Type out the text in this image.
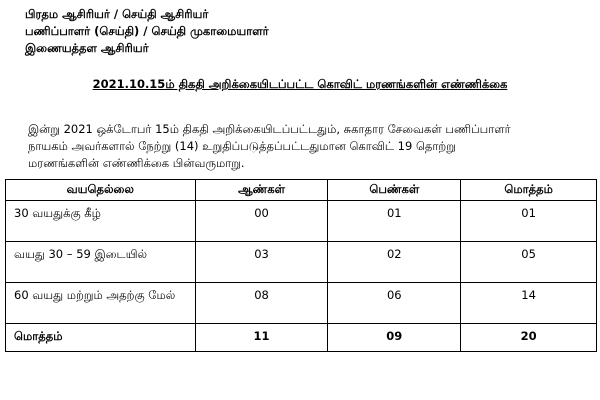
பிரதம ஆசிரியர் / செய்தி ஆசிரியர்
பணிப்பாளர் (செய்தி) / செய்தி முகாமையாளர்
இணையத்தள ஆசிரியர்
2021.10.15ம் திகதி அறிக்கையிடப்பட்ட கொவிட் மரணங்களின் எண்ணிக்கை
இன்று 2021 ஒக்டோபர் 15ம் திகதி அறிக்கையிடப்பட்டதும், சுகாதார சேவைகள் பணிப்பாளர்
நாயகம் அவர்களால் நேற்று (14) உறுதிப்படுத்தப்பட்டதுமான கொவிட் 19 தொற்று
மரணங்களின் எண்ணிக்கை பின்வருமாறு.
வயதெல்லை	ஆண்கள்	பெண்கள்	மொத்தம்
30 வயதுக்கு கீழ்	00	01	01
வயது 30 – 59 இடையில்	03	02	05
60 வயது மற்றும் அதற்கு மேல்	08	06	14
மொத்தம்	11	09	20
